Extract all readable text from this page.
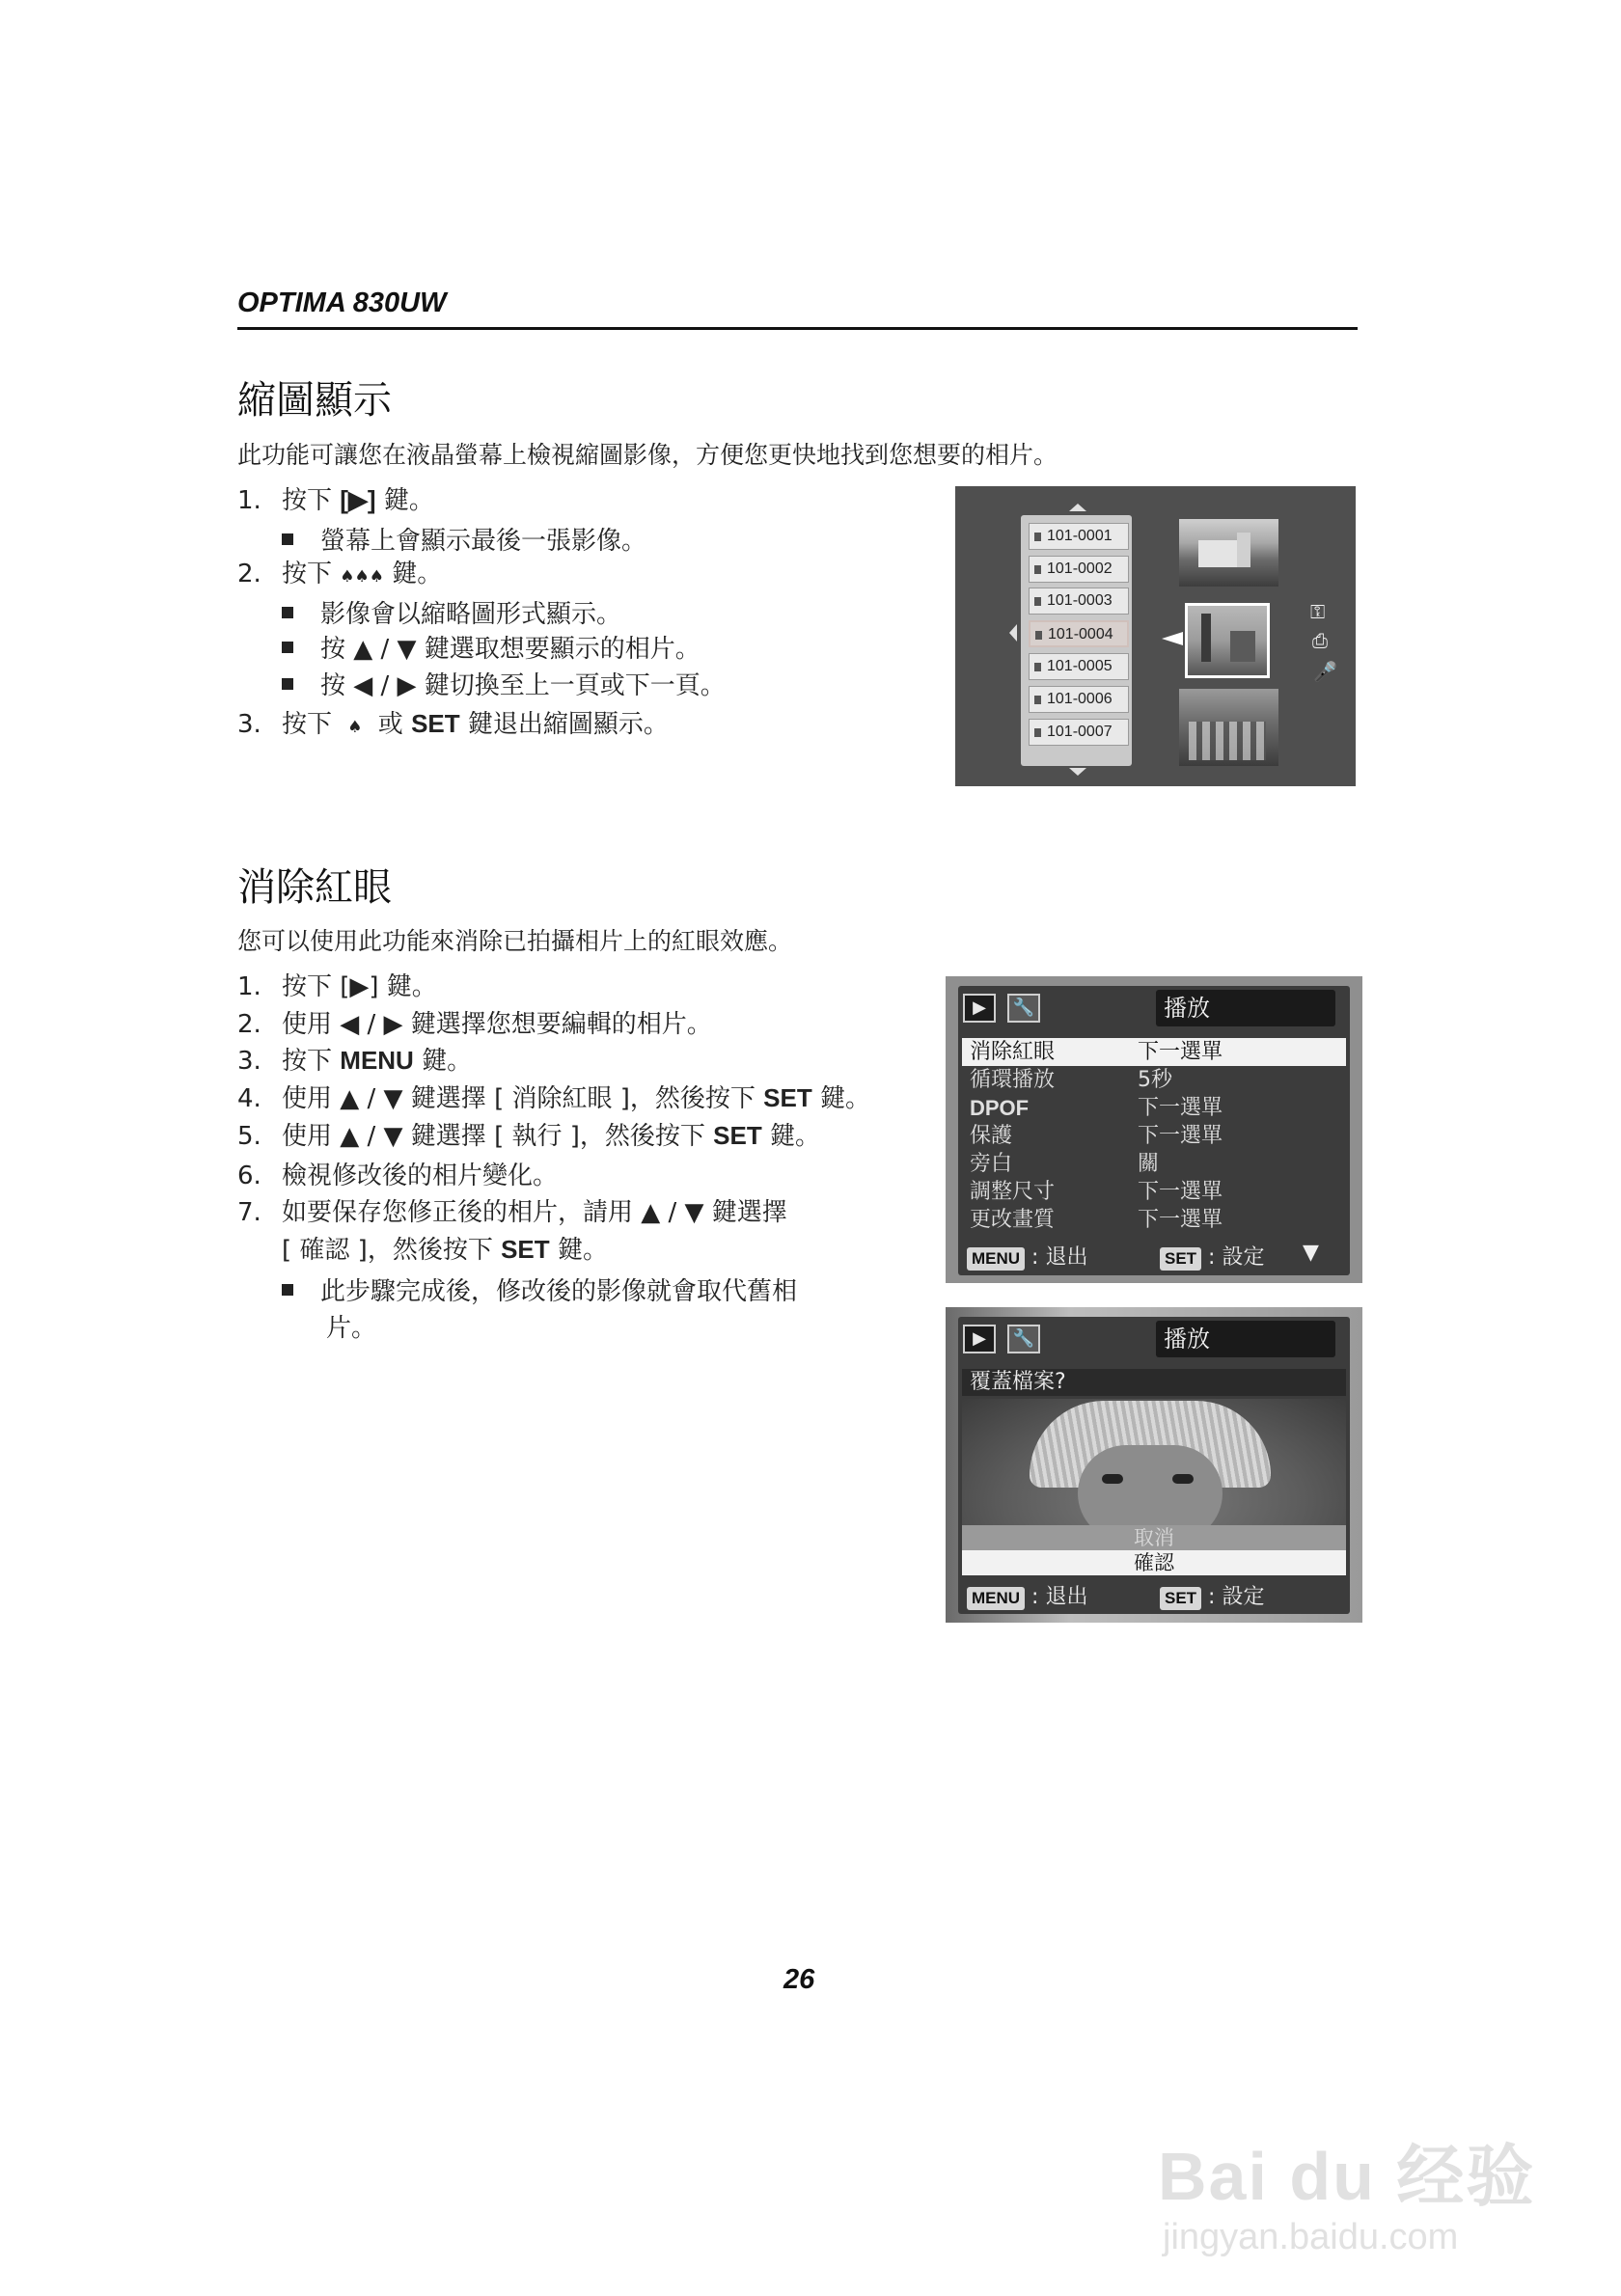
OPTIMA 830UW
縮圖顯示
此功能可讓您在液晶螢幕上檢視縮圖影像，方便您更快地找到您想要的相片。
1. 按下 [▶] 鍵。
螢幕上會顯示最後一張影像。
2. 按下 ♠♠♠ 鍵。
影像會以縮略圖形式顯示。
按 ▲ / ▼ 鍵選取想要顯示的相片。
按 ◀ / ▶ 鍵切換至上一頁或下一頁。
3. 按下 ♠ 或 SET 鍵退出縮圖顯示。
101-0001
101-0002
101-0003
101-0004
101-0005
101-0006
101-0007
⚿
⎙
🎤
消除紅眼
您可以使用此功能來消除已拍攝相片上的紅眼效應。
1. 按下 [▶] 鍵。
2. 使用 ◀ / ▶ 鍵選擇您想要編輯的相片。
3. 按下 MENU 鍵。
4. 使用 ▲ / ▼ 鍵選擇 [ 消除紅眼 ]，然後按下 SET 鍵。
5. 使用 ▲ / ▼ 鍵選擇 [ 執行 ]，然後按下 SET 鍵。
6. 檢視修改後的相片變化。
7. 如要保存您修正後的相片，請用 ▲ / ▼ 鍵選擇
[ 確認 ]，然後按下 SET 鍵。
此步驟完成後，修改後的影像就會取代舊相
片。
▶	🔧	播放
消除紅眼	下一選單
循環播放	5秒
DPOF	下一選單
保護	下一選單
旁白	關
調整尺寸	下一選單
更改畫質	下一選單
MENU : 退出	SET : 設定 ▼
▶	🔧	播放
覆蓋檔案?
取消
確認
MENU : 退出	SET : 設定
26
Bai du 经验
jingyan.baidu.com
